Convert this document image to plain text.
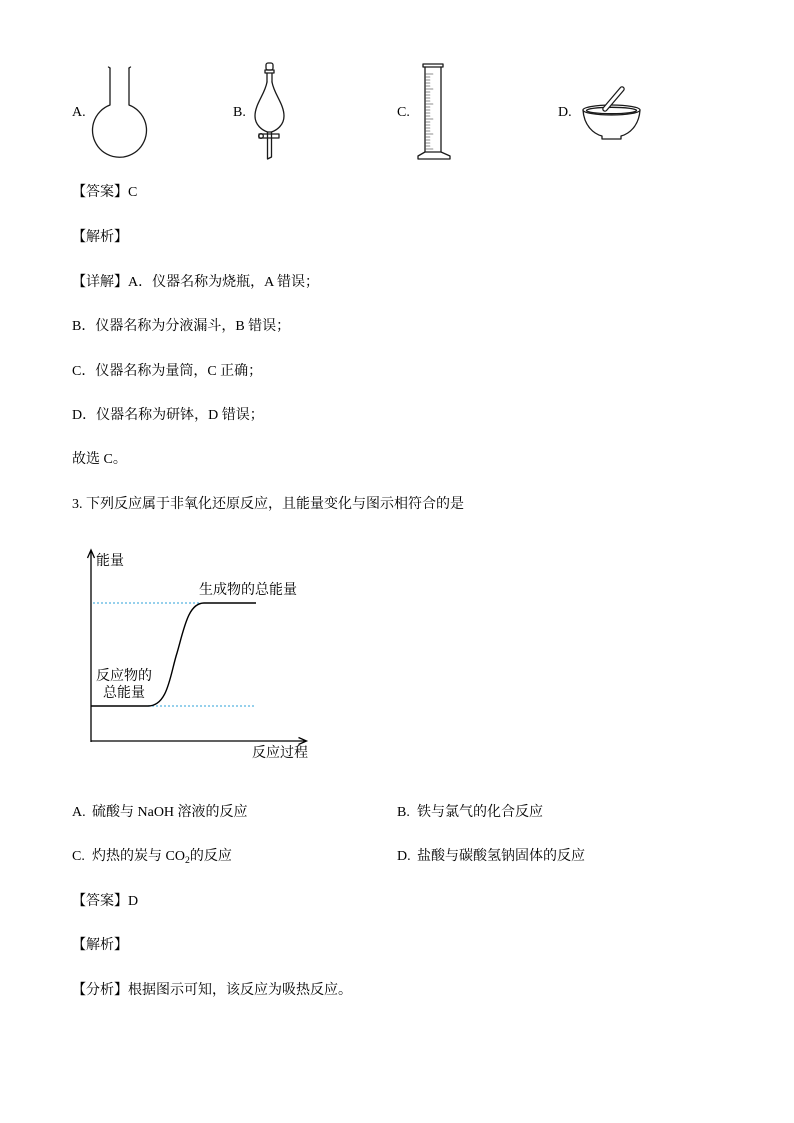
A.	B.	C.	D.
【答案】C
【解析】
【详解】A．仪器名称为烧瓶，A 错误；
B．仪器名称为分液漏斗，B 错误；
C．仪器名称为量筒，C 正确；
D．仪器名称为研钵，D 错误；
故选 C。
3. 下列反应属于非氧化还原反应，且能量变化与图示相符合的是
能量
生成物的总能量
反应物的
总能量
反应过程
A. 硫酸与 NaOH 溶液的反应	B. 铁与氯气的化合反应
C. 灼热的炭与 $CO_2$的反应	D. 盐酸与碳酸氢钠固体的反应
【答案】D
【解析】
【分析】根据图示可知，该反应为吸热反应。
